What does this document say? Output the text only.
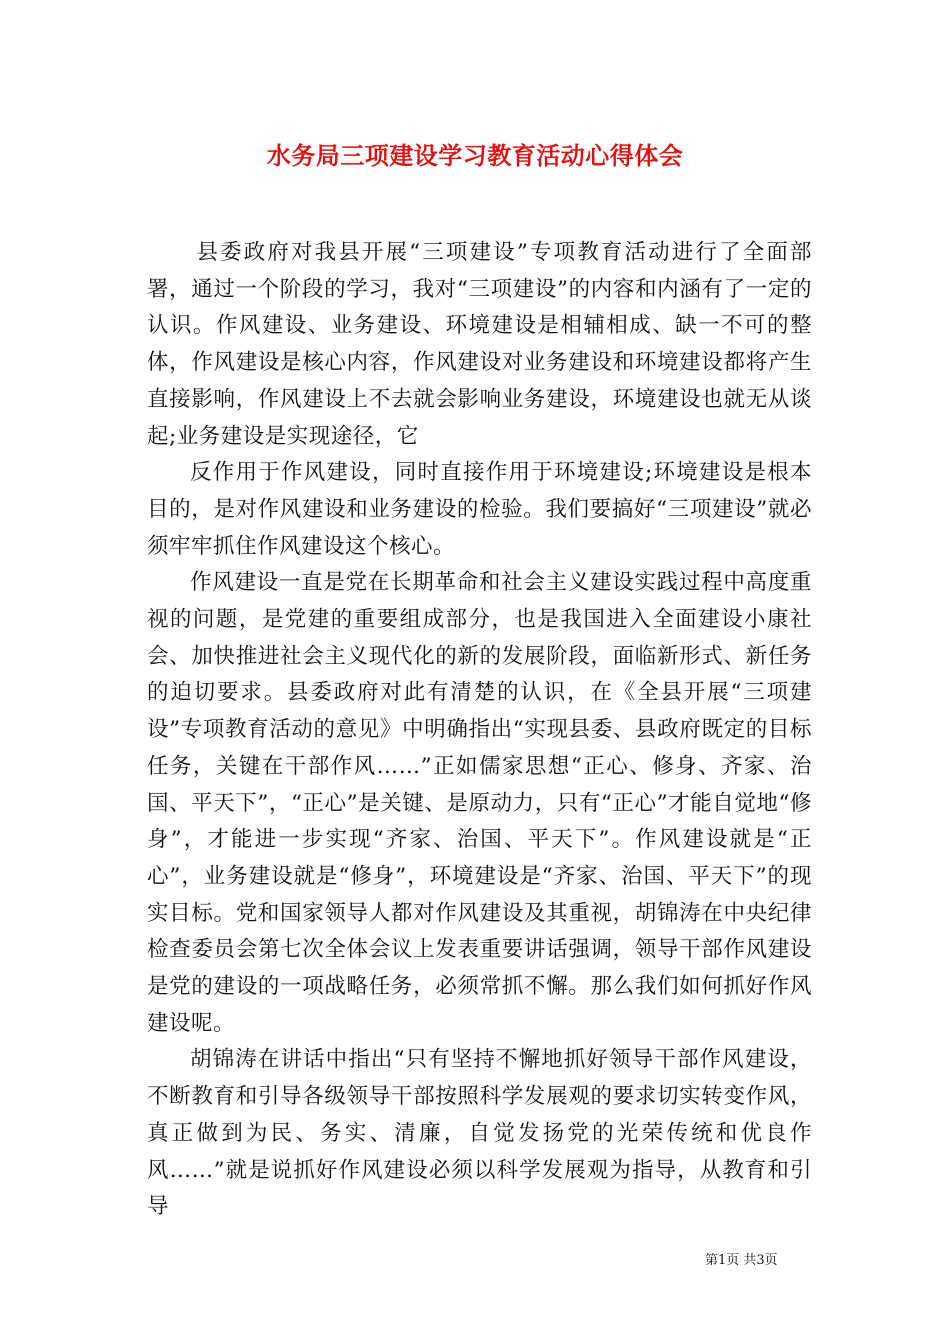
水务局三项建设学习教育活动心得体会

县委政府对我县开展“三项建设”专项教育活动进行了全面部署，通过一个阶段的学习，我对“三项建设”的内容和内涵有了一定的认识。作风建设、业务建设、环境建设是相辅相成、缺一不可的整体，作风建设是核心内容，作风建设对业务建设和环境建设都将产生直接影响，作风建设上不去就会影响业务建设，环境建设也就无从谈起;业务建设是实现途径，它

反作用于作风建设，同时直接作用于环境建设;环境建设是根本目的，是对作风建设和业务建设的检验。我们要搞好“三项建设”就必须牢牢抓住作风建设这个核心。

作风建设一直是党在长期革命和社会主义建设实践过程中高度重视的问题，是党建的重要组成部分，也是我国进入全面建设小康社会、加快推进社会主义现代化的新的发展阶段，面临新形式、新任务的迫切要求。县委政府对此有清楚的认识，在《全县开展“三项建设”专项教育活动的意见》中明确指出“实现县委、县政府既定的目标任务，关键在干部作风……”正如儒家思想“正心、修身、齐家、治国、平天下”，“正心”是关键、是原动力，只有“正心”才能自觉地“修身”，才能进一步实现“齐家、治国、平天下”。作风建设就是“正心”，业务建设就是“修身”，环境建设是“齐家、治国、平天下”的现实目标。党和国家领导人都对作风建设及其重视，胡锦涛在中央纪律检查委员会第七次全体会议上发表重要讲话强调，领导干部作风建设是党的建设的一项战略任务，必须常抓不懈。那么我们如何抓好作风建设呢。

胡锦涛在讲话中指出“只有坚持不懈地抓好领导干部作风建设，不断教育和引导各级领导干部按照科学发展观的要求切实转变作风，真正做到为民、务实、清廉，自觉发扬党的光荣传统和优良作风……”就是说抓好作风建设必须以科学发展观为指导，从教育和引导

第1页 共3页
